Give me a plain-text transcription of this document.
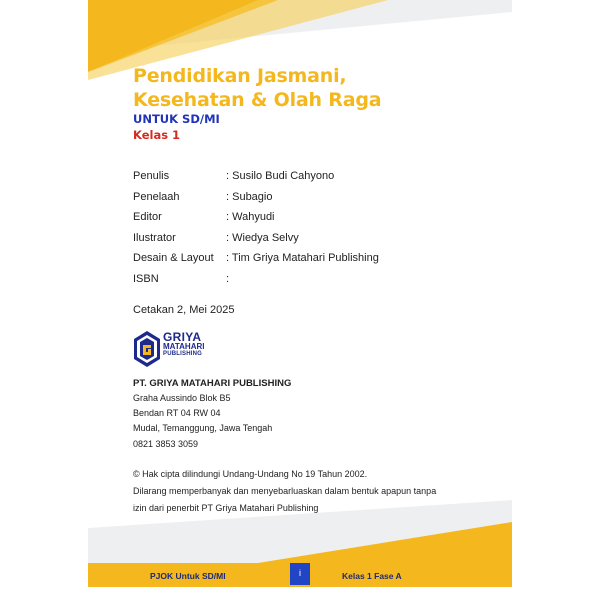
Pendidikan Jasmani,
Kesehatan & Olah Raga
UNTUK SD/MI
Kelas 1
Penulis	: Susilo Budi Cahyono
Penelaah	: Subagio
Editor	: Wahyudi
Ilustrator	: Wiedya Selvy
Desain & Layout	: Tim Griya Matahari Publishing
ISBN	:
Cetakan 2, Mei 2025
GRIYA
MATAHARI
PUBLISHING
PT. GRIYA MATAHARI PUBLISHING
Graha Aussindo Blok B5
Bendan RT 04 RW 04
Mudal, Temanggung, Jawa Tengah
0821 3853 3059
© Hak cipta dilindungi Undang-Undang No 19 Tahun 2002.
Dilarang memperbanyak dan menyebarluaskan dalam bentuk apapun tanpa
izin dari penerbit PT Griya Matahari Publishing
PJOK Untuk SD/MI	i	Kelas 1 Fase A
